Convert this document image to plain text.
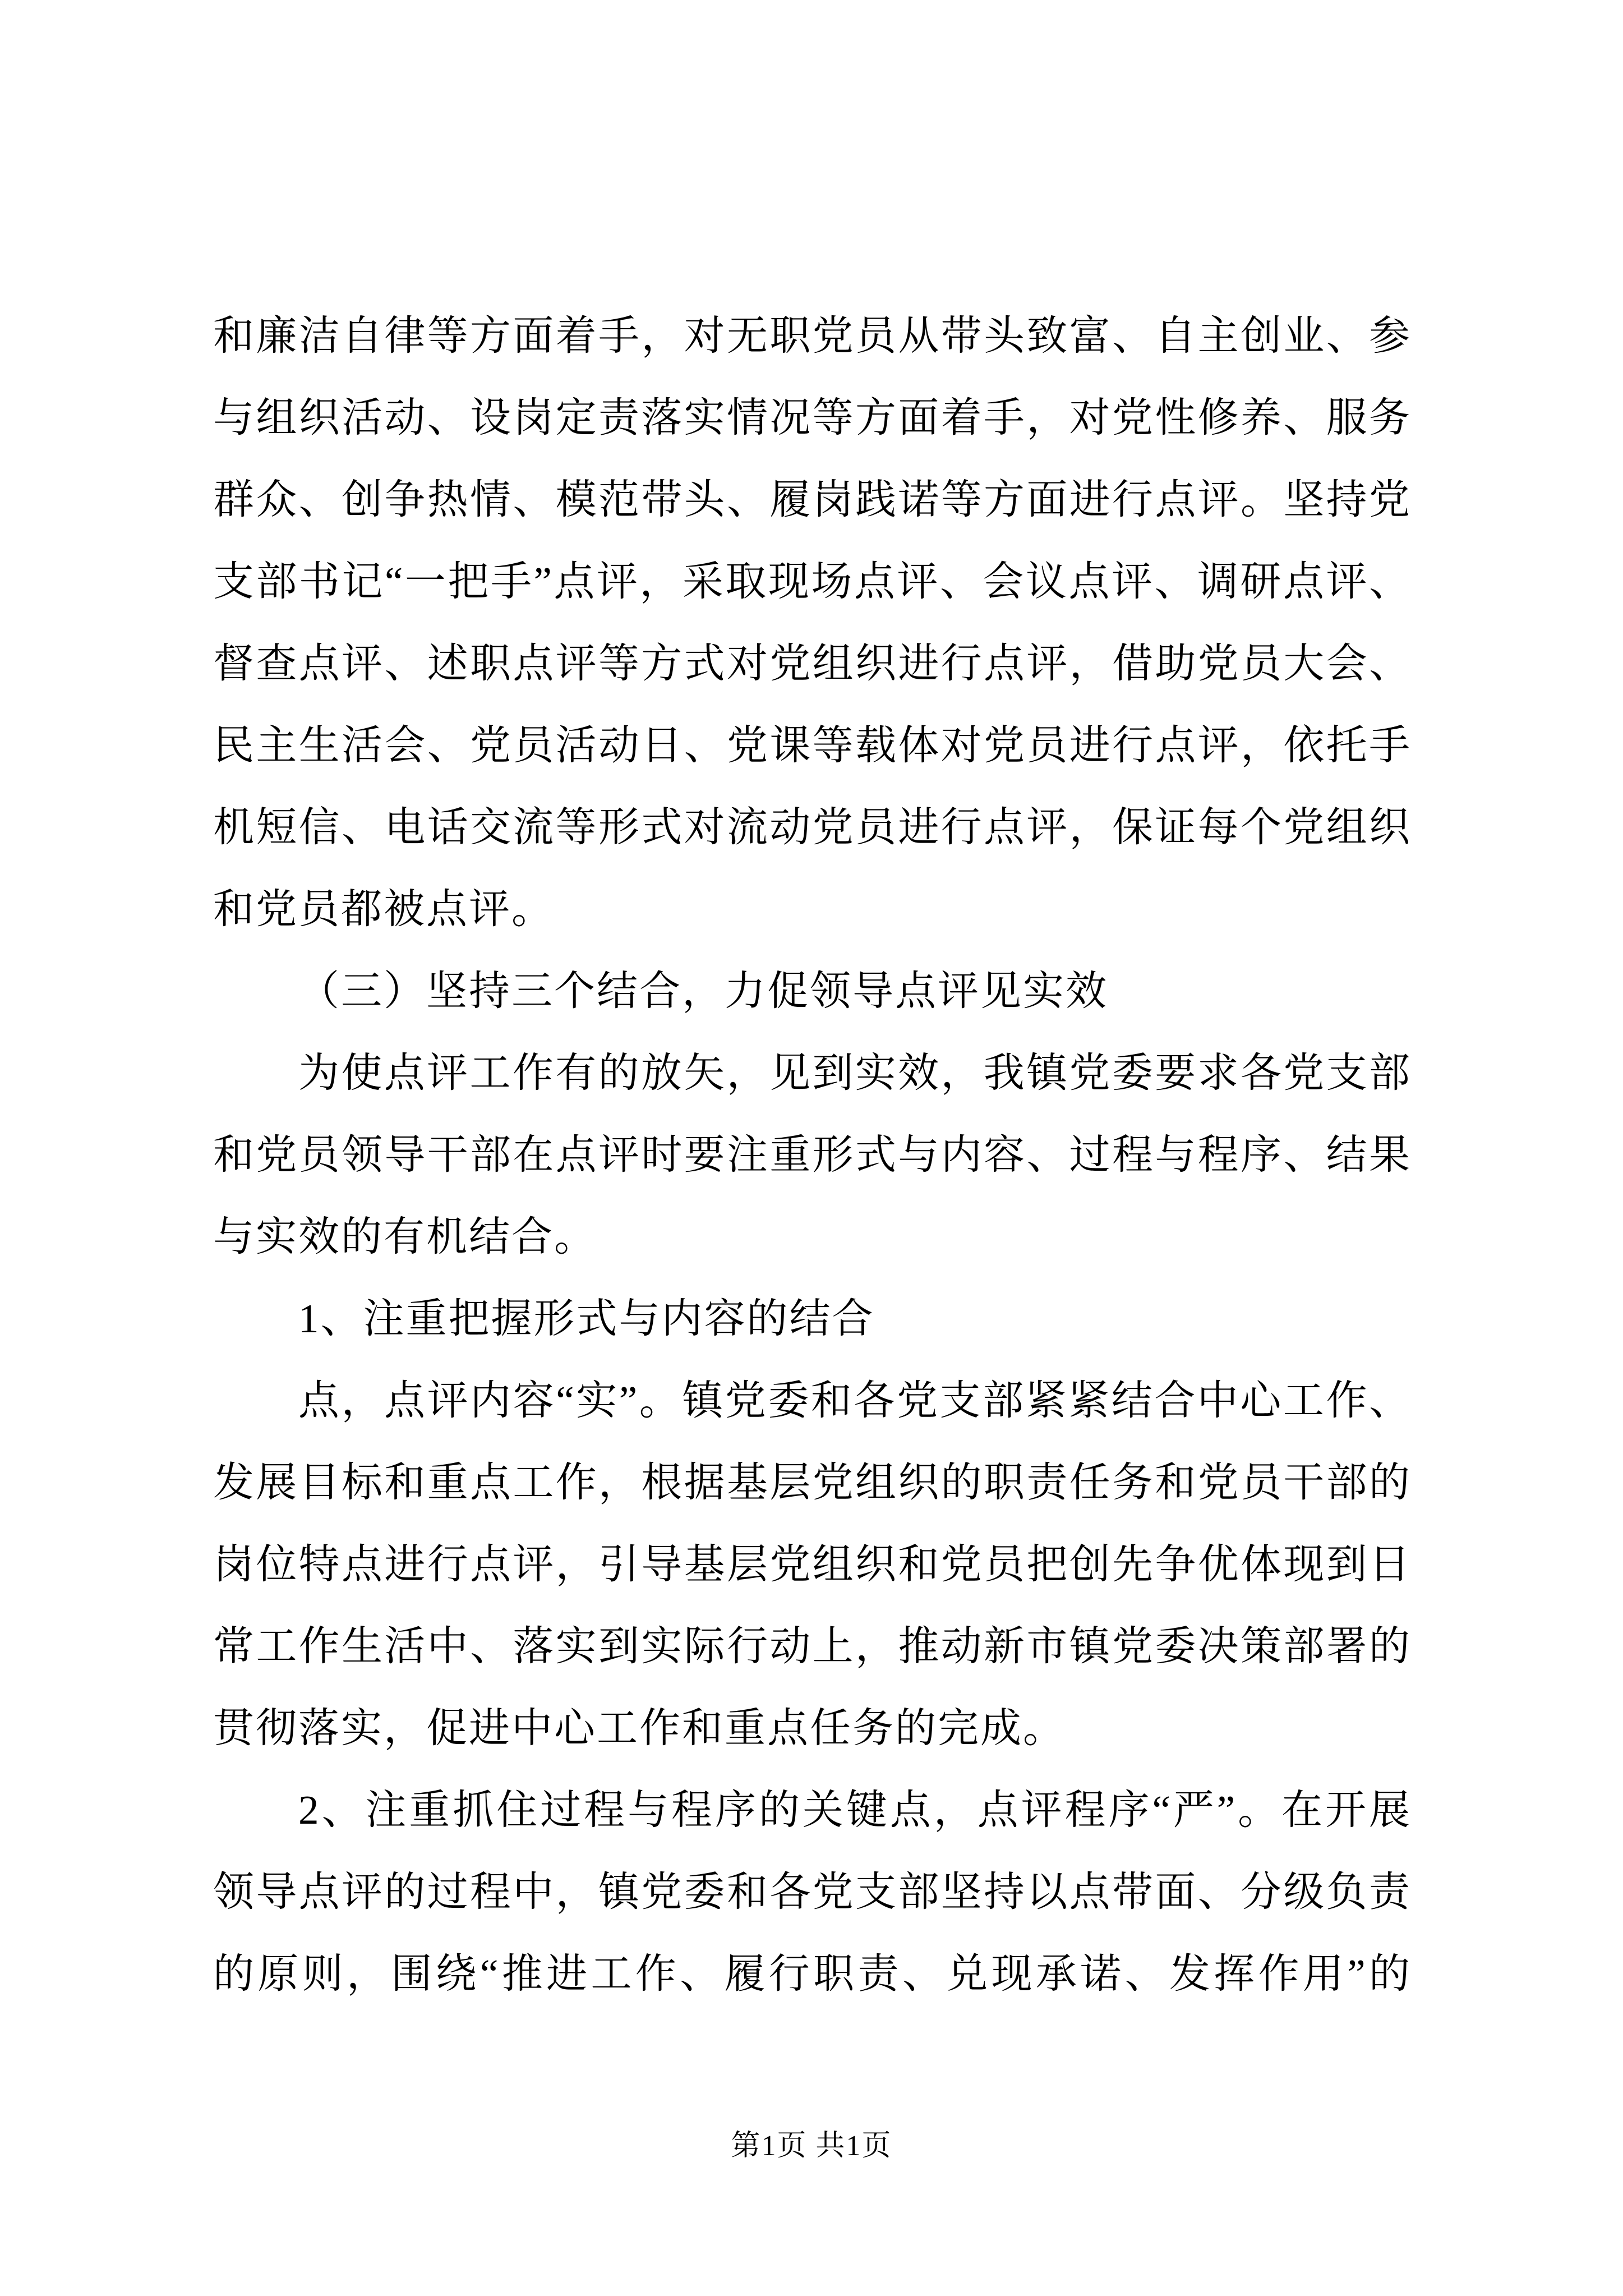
和廉洁自律等方面着手，对无职党员从带头致富、自主创业、参
与组织活动、设岗定责落实情况等方面着手，对党性修养、服务
群众、创争热情、模范带头、履岗践诺等方面进行点评。坚持党
支部书记“一把手”点评，采取现场点评、会议点评、调研点评、
督查点评、述职点评等方式对党组织进行点评，借助党员大会、
民主生活会、党员活动日、党课等载体对党员进行点评，依托手
机短信、电话交流等形式对流动党员进行点评，保证每个党组织
和党员都被点评。
（三）坚持三个结合，力促领导点评见实效
为使点评工作有的放矢，见到实效，我镇党委要求各党支部
和党员领导干部在点评时要注重形式与内容、过程与程序、结果
与实效的有机结合。
1、注重把握形式与内容的结合
点，点评内容“实”。镇党委和各党支部紧紧结合中心工作、
发展目标和重点工作，根据基层党组织的职责任务和党员干部的
岗位特点进行点评，引导基层党组织和党员把创先争优体现到日
常工作生活中、落实到实际行动上，推动新市镇党委决策部署的
贯彻落实，促进中心工作和重点任务的完成。
2、注重抓住过程与程序的关键点，点评程序“严”。在开展
领导点评的过程中，镇党委和各党支部坚持以点带面、分级负责
的原则，围绕“推进工作、履行职责、兑现承诺、发挥作用”的
第1页 共1页
